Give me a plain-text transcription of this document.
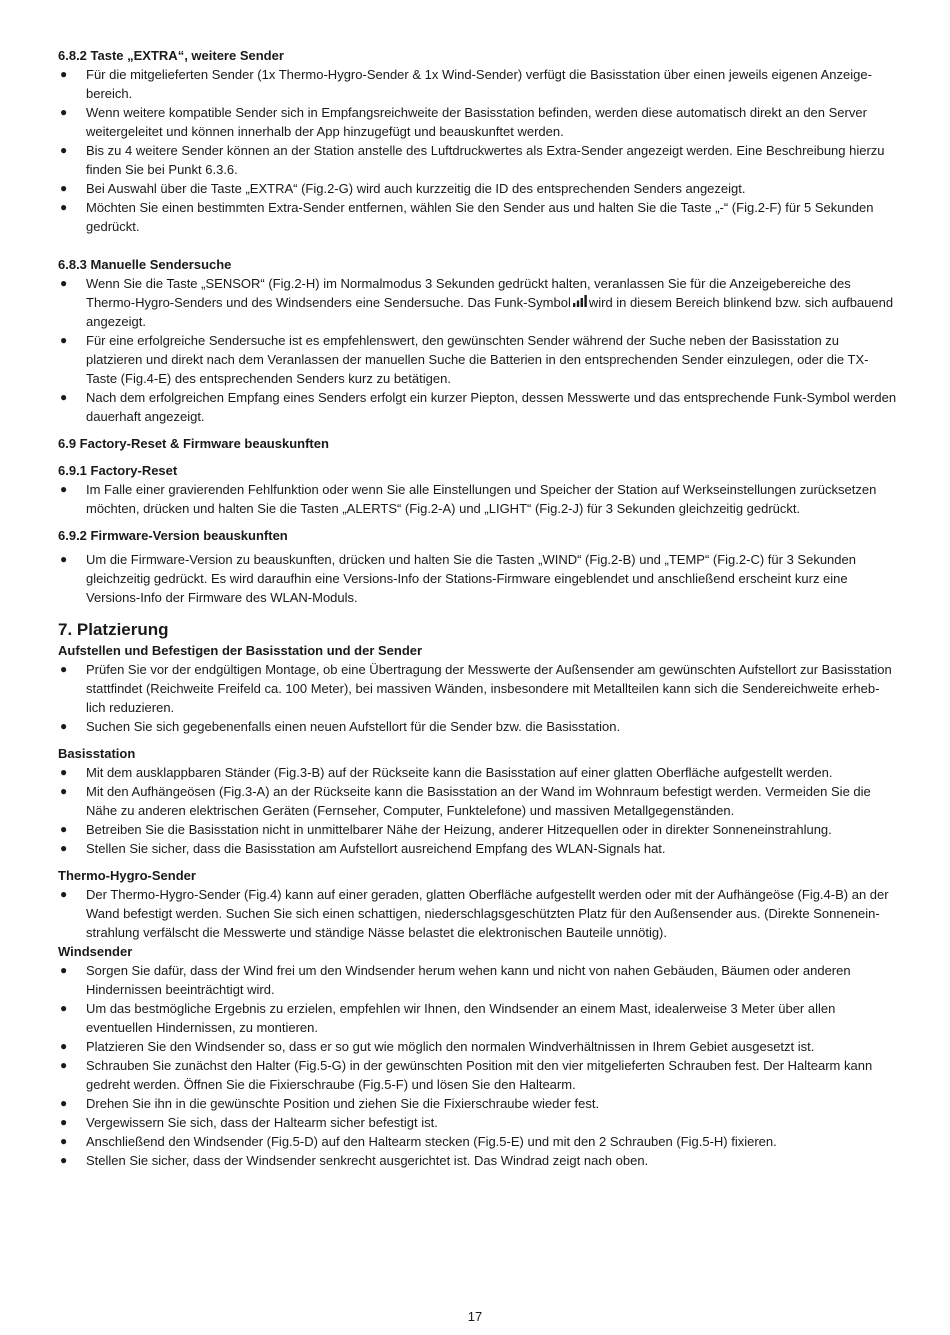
6.8.2 Taste „EXTRA“, weitere Sender
● Für die mitgelieferten Sender (1x Thermo-Hygro-Sender & 1x Wind-Sender) verfügt die Basisstation über einen jeweils eigenen Anzeige-bereich.
● Wenn weitere kompatible Sender sich in Empfangsreichweite der Basisstation befinden, werden diese automatisch direkt an den Server weitergeleitet und können innerhalb der App hinzugefügt und beauskunftet werden.
● Bis zu 4 weitere Sender können an der Station anstelle des Luftdruckwertes als Extra-Sender angezeigt werden. Eine Beschreibung hierzu finden Sie bei Punkt 6.3.6.
● Bei Auswahl über die Taste „EXTRA“ (Fig.2-G) wird auch kurzzeitig die ID des entsprechenden Senders angezeigt.
● Möchten Sie einen bestimmten Extra-Sender entfernen, wählen Sie den Sender aus und halten Sie die Taste „-“ (Fig.2-F) für 5 Sekunden gedrückt.
6.8.3 Manuelle Sendersuche
● Wenn Sie die Taste „SENSOR“ (Fig.2-H) im Normalmodus 3 Sekunden gedrückt halten, veranlassen Sie für die Anzeigebereiche des Thermo-Hygro-Senders und des Windsenders eine Sendersuche. Das Funk-Symbol wird in diesem Bereich blinkend bzw. sich aufbauend angezeigt.
● Für eine erfolgreiche Sendersuche ist es empfehlenswert, den gewünschten Sender während der Suche neben der Basisstation zu platzieren und direkt nach dem Veranlassen der manuellen Suche die Batterien in den entsprechenden Sender einzulegen, oder die TX-Taste (Fig.4-E) des entsprechenden Senders kurz zu betätigen.
● Nach dem erfolgreichen Empfang eines Senders erfolgt ein kurzer Piepton, dessen Messwerte und das entsprechende Funk-Symbol werden dauerhaft angezeigt.
6.9 Factory-Reset & Firmware beauskunften
6.9.1 Factory-Reset
● Im Falle einer gravierenden Fehlfunktion oder wenn Sie alle Einstellungen und Speicher der Station auf Werkseinstellungen zurücksetzen möchten, drücken und halten Sie die Tasten „ALERTS“ (Fig.2-A) und „LIGHT“ (Fig.2-J) für 3 Sekunden gleichzeitig gedrückt.
6.9.2 Firmware-Version beauskunften
● Um die Firmware-Version zu beauskunften, drücken und halten Sie die Tasten „WIND“ (Fig.2-B) und „TEMP“ (Fig.2-C) für 3 Sekunden gleichzeitig gedrückt. Es wird daraufhin eine Versions-Info der Stations-Firmware eingeblendet und anschließend erscheint kurz eine Versions-Info der Firmware des WLAN-Moduls.
7. Platzierung
Aufstellen und Befestigen der Basisstation und der Sender
● Prüfen Sie vor der endgültigen Montage, ob eine Übertragung der Messwerte der Außensender am gewünschten Aufstellort zur Basisstation stattfindet (Reichweite Freifeld ca. 100 Meter), bei massiven Wänden, insbesondere mit Metallteilen kann sich die Sendereichweite erheb-lich reduzieren.
● Suchen Sie sich gegebenenfalls einen neuen Aufstellort für die Sender bzw. die Basisstation.
Basisstation
● Mit dem ausklappbaren Ständer (Fig.3-B) auf der Rückseite kann die Basisstation auf einer glatten Oberfläche aufgestellt werden.
● Mit den Aufhängeösen (Fig.3-A) an der Rückseite kann die Basisstation an der Wand im Wohnraum befestigt werden. Vermeiden Sie die Nähe zu anderen elektrischen Geräten (Fernseher, Computer, Funktelefone) und massiven Metallgegenständen.
● Betreiben Sie die Basisstation nicht in unmittelbarer Nähe der Heizung, anderer Hitzequellen oder in direkter Sonneneinstrahlung.
● Stellen Sie sicher, dass die Basisstation am Aufstellort ausreichend Empfang des WLAN-Signals hat.
Thermo-Hygro-Sender
● Der Thermo-Hygro-Sender (Fig.4) kann auf einer geraden, glatten Oberfläche aufgestellt werden oder mit der Aufhängeöse (Fig.4-B) an der Wand befestigt werden. Suchen Sie sich einen schattigen, niederschlagsgeschützten Platz für den Außensender aus. (Direkte Sonnenein-strahlung verfälscht die Messwerte und ständige Nässe belastet die elektronischen Bauteile unnötig).
Windsender
● Sorgen Sie dafür, dass der Wind frei um den Windsender herum wehen kann und nicht von nahen Gebäuden, Bäumen oder anderen Hindernissen beeinträchtigt wird.
● Um das bestmögliche Ergebnis zu erzielen, empfehlen wir Ihnen, den Windsender an einem Mast, idealerweise 3 Meter über allen eventuellen Hindernissen, zu montieren.
● Platzieren Sie den Windsender so, dass er so gut wie möglich den normalen Windverhältnissen in Ihrem Gebiet ausgesetzt ist.
● Schrauben Sie zunächst den Halter (Fig.5-G) in der gewünschten Position mit den vier mitgelieferten Schrauben fest. Der Haltearm kann gedreht werden. Öffnen Sie die Fixierschraube (Fig.5-F) und lösen Sie den Haltearm.
● Drehen Sie ihn in die gewünschte Position und ziehen Sie die Fixierschraube wieder fest.
● Vergewissern Sie sich, dass der Haltearm sicher befestigt ist.
● Anschließend den Windsender (Fig.5-D) auf den Haltearm stecken (Fig.5-E) und mit den 2 Schrauben (Fig.5-H) fixieren.
● Stellen Sie sicher, dass der Windsender senkrecht ausgerichtet ist. Das Windrad zeigt nach oben.
17
